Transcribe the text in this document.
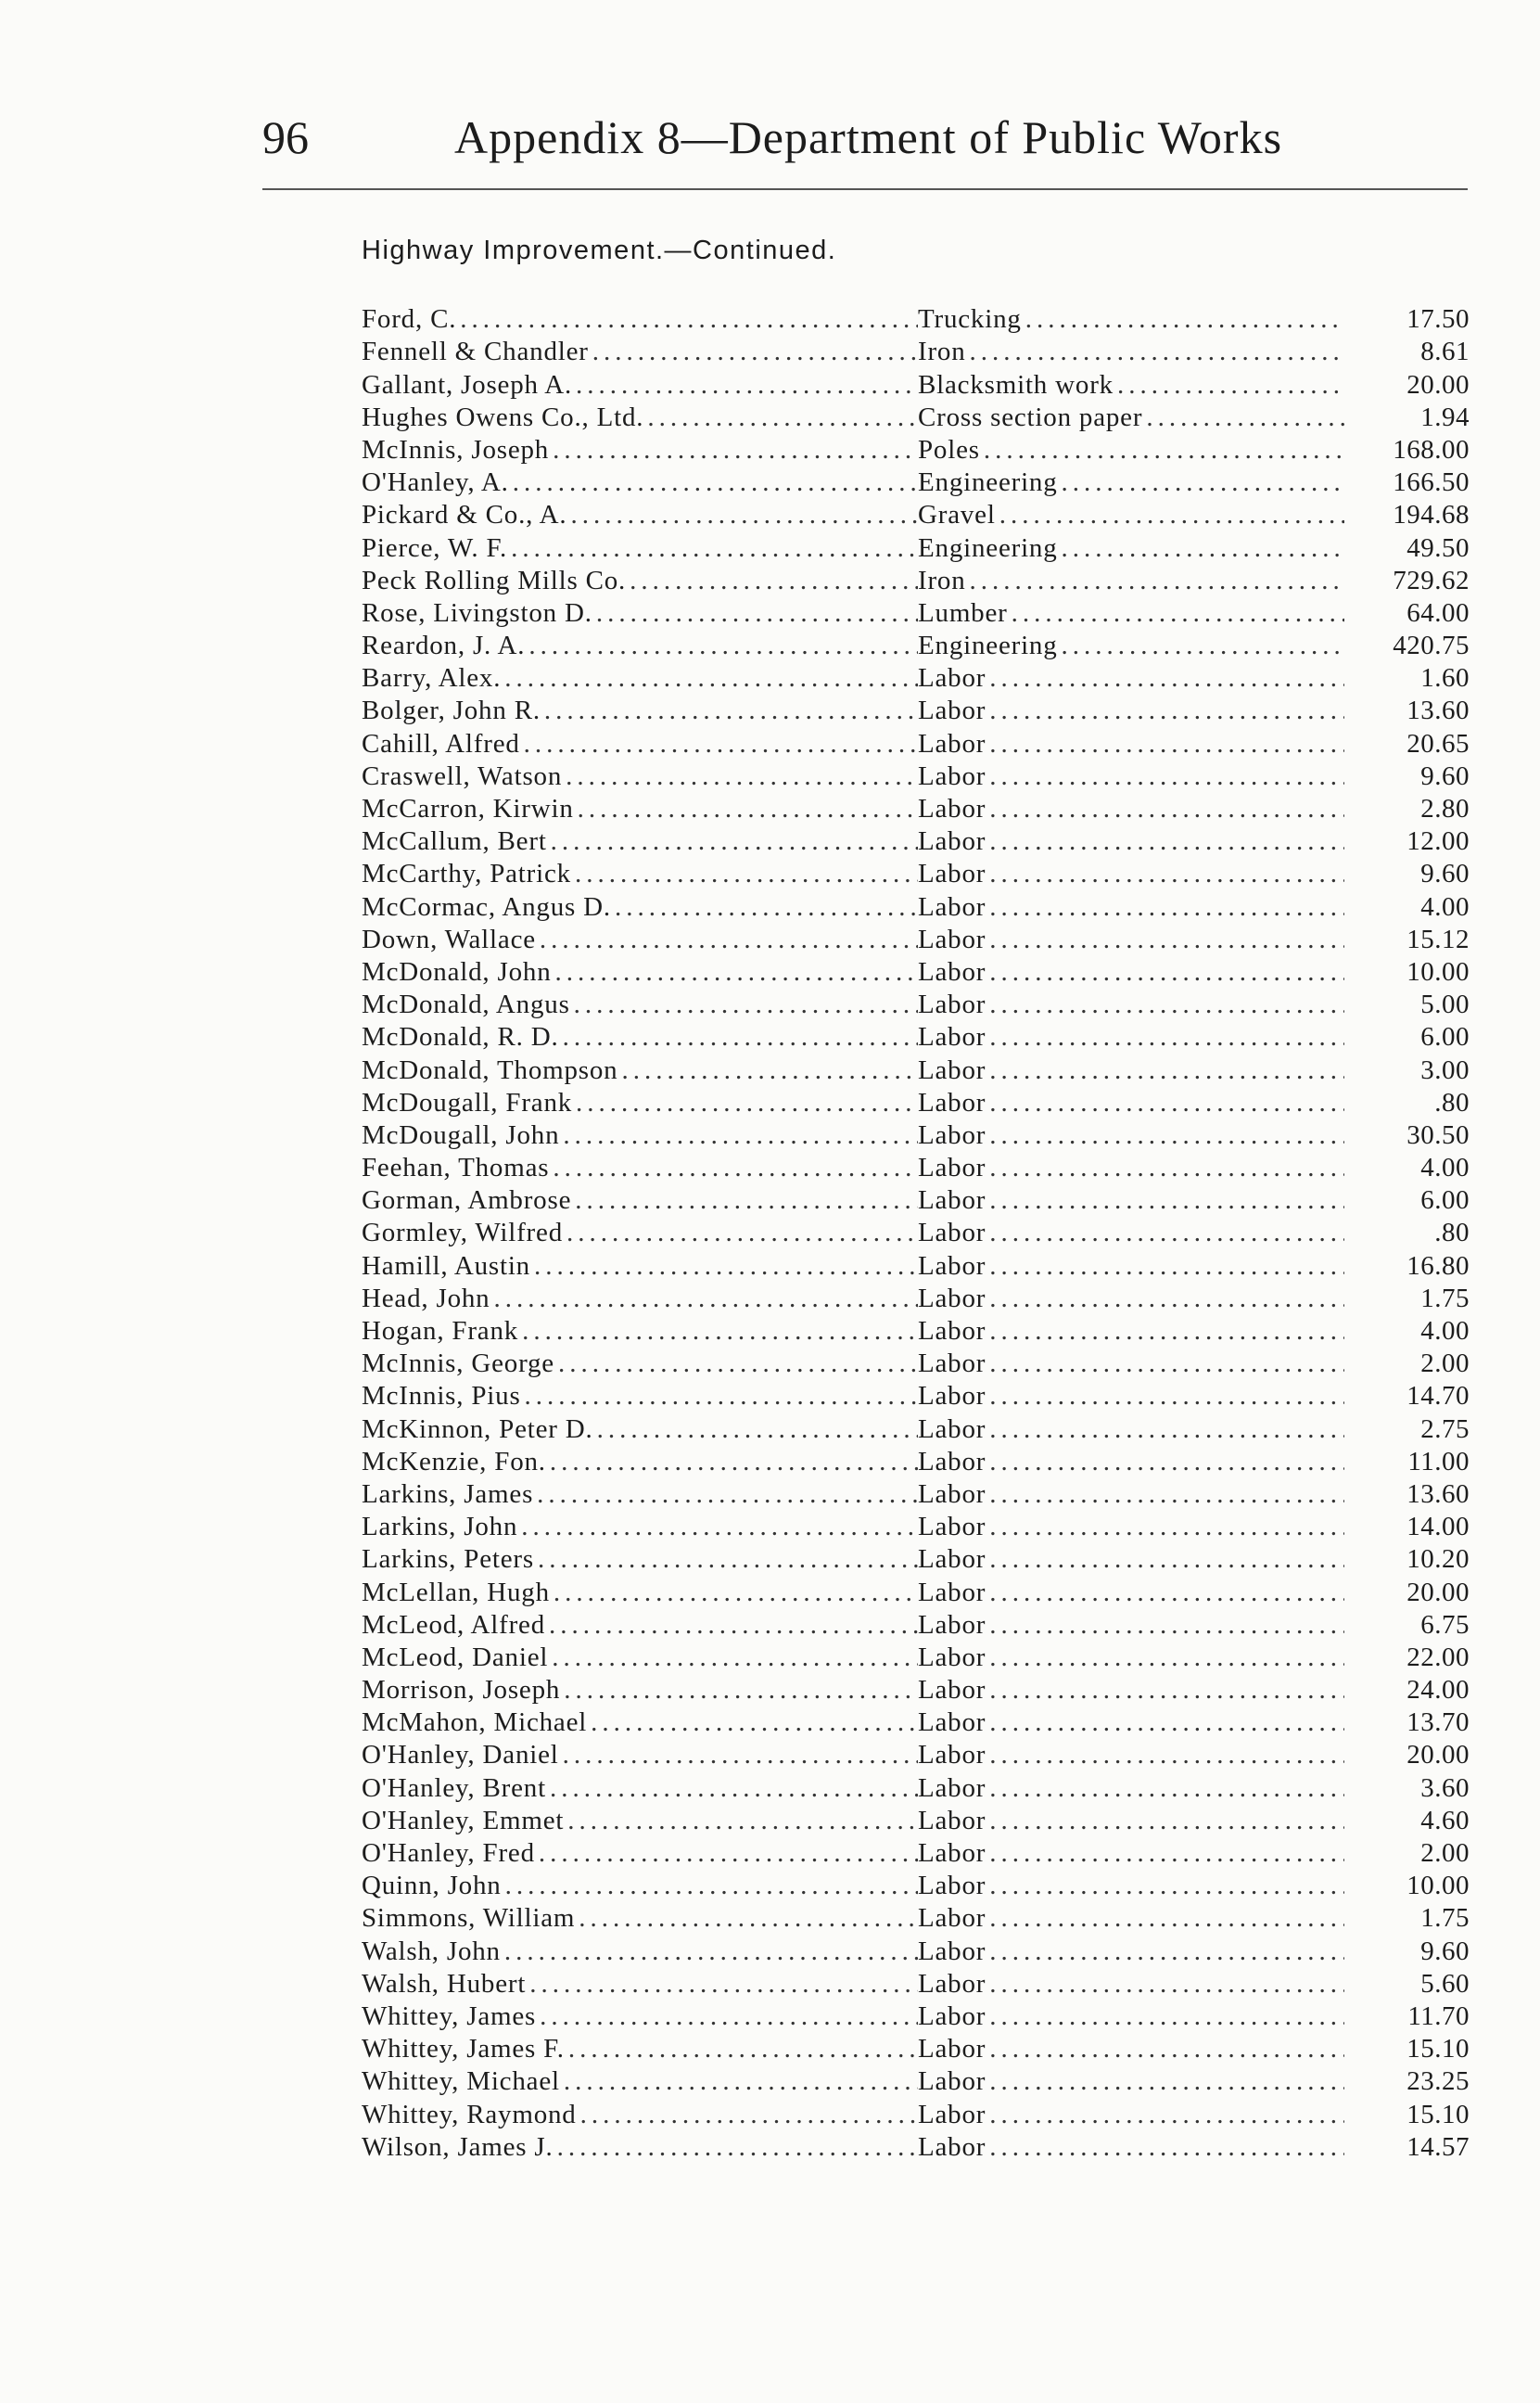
96	Appendix 8—Department of Public Works
Highway Improvement.—Continued.
Ford, C. .....	Trucking .....	17.50
Fennell & Chandler .....	Iron .....	8.61
Gallant, Joseph A. .....	Blacksmith work .....	20.00
Hughes Owens Co., Ltd. .....	Cross section paper .....	1.94
McInnis, Joseph .....	Poles .....	168.00
O'Hanley, A. .....	Engineering .....	166.50
Pickard & Co., A. .....	Gravel .....	194.68
Pierce, W. F. .....	Engineering .....	49.50
Peck Rolling Mills Co. .....	Iron .....	729.62
Rose, Livingston D. .....	Lumber .....	64.00
Reardon, J. A. .....	Engineering .....	420.75
Barry, Alex. .....	Labor .....	1.60
Bolger, John R. .....	Labor .....	13.60
Cahill, Alfred .....	Labor .....	20.65
Craswell, Watson .....	Labor .....	9.60
McCarron, Kirwin .....	Labor .....	2.80
McCallum, Bert .....	Labor .....	12.00
McCarthy, Patrick .....	Labor .....	9.60
McCormac, Angus D. .....	Labor .....	4.00
Down, Wallace .....	Labor .....	15.12
McDonald, John .....	Labor .....	10.00
McDonald, Angus .....	Labor .....	5.00
McDonald, R. D. .....	Labor .....	6.00
McDonald, Thompson .....	Labor .....	3.00
McDougall, Frank .....	Labor .....	.80
McDougall, John .....	Labor .....	30.50
Feehan, Thomas .....	Labor .....	4.00
Gorman, Ambrose .....	Labor .....	6.00
Gormley, Wilfred .....	Labor .....	.80
Hamill, Austin .....	Labor .....	16.80
Head, John .....	Labor .....	1.75
Hogan, Frank .....	Labor .....	4.00
McInnis, George .....	Labor .....	2.00
McInnis, Pius .....	Labor .....	14.70
McKinnon, Peter D. .....	Labor .....	2.75
McKenzie, Fon. .....	Labor .....	11.00
Larkins, James .....	Labor .....	13.60
Larkins, John .....	Labor .....	14.00
Larkins, Peters .....	Labor .....	10.20
McLellan, Hugh .....	Labor .....	20.00
McLeod, Alfred .....	Labor .....	6.75
McLeod, Daniel .....	Labor .....	22.00
Morrison, Joseph .....	Labor .....	24.00
McMahon, Michael .....	Labor .....	13.70
O'Hanley, Daniel .....	Labor .....	20.00
O'Hanley, Brent .....	Labor .....	3.60
O'Hanley, Emmet .....	Labor .....	4.60
O'Hanley, Fred .....	Labor .....	2.00
Quinn, John .....	Labor .....	10.00
Simmons, William .....	Labor .....	1.75
Walsh, John .....	Labor .....	9.60
Walsh, Hubert .....	Labor .....	5.60
Whittey, James .....	Labor .....	11.70
Whittey, James F. .....	Labor .....	15.10
Whittey, Michael .....	Labor .....	23.25
Whittey, Raymond .....	Labor .....	15.10
Wilson, James J. .....	Labor .....	14.57
